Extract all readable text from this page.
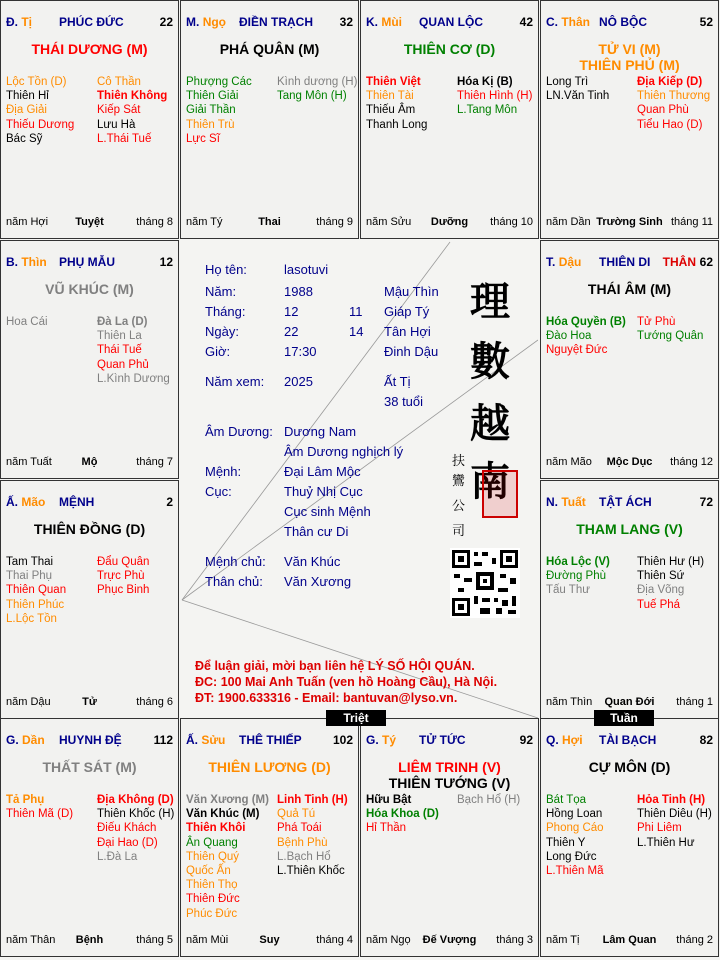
Đ. Tị PHÚC ĐỨC	22
THÁI DƯƠNG (M)
Lộc Tồn (D)
Thiên Hỉ
Địa Giải
Thiếu Dương
Bác Sỹ
Cô Thần
Thiên Không
Kiếp Sát
Lưu Hà
L.Thái Tuế
năm Hợi	Tuyệt	tháng 8
M. Ngọ ĐIỀN TRẠCH 32
PHÁ QUÂN (M)
Phượng Các
Thiên Giải
Giải Thần
Thiên Trù
Lực Sĩ
Kình dương (H)
Tang Môn (H)
năm Tý	Thai	tháng 9
K. Mùi QUAN LỘC	42
THIÊN CƠ (D)
Thiên Việt
Thiên Tài
Thiếu Âm
Thanh Long
Hóa Kị (B)
Thiên Hình (H)
L.Tang Môn
năm Sửu	Dưỡng	tháng 10
C. Thân NÔ BỘC	52
TỬ VI (M)
THIÊN PHỦ (M)
Long Trì
LN.Văn Tinh
Địa Kiếp (D)
Thiên Thương
Quan Phù
Tiểu Hao (D)
năm Dần Trường Sinh tháng 11
B. Thìn PHỤ MẪU	12
VŨ KHÚC (M)
Hoa Cái	Đà La (D)
Thiên La
Thái Tuế
Quan Phủ
L.Kình Dương
năm Tuất	Mộ	tháng 7
T. Dậu THIÊN DI THÂN 62
THÁI ÂM (M)
Hóa Quyền (B)
Đào Hoa
Nguyệt Đức
Tử Phù
Tướng Quân
năm Mão	Mộc Dục	tháng 12
Ấ. Mão MỆNH	2
THIÊN ĐỒNG (D)
Tam Thai
Thai Phụ
Thiên Quan
Thiên Phúc
L.Lộc Tồn
Đẩu Quân
Trực Phù
Phục Binh
năm Dậu	Tử	tháng 6
N. Tuất TẬT ÁCH	72
THAM LANG (V)
Hóa Lộc (V)
Đường Phù
Tấu Thư
Thiên Hư (H)
Thiên Sứ
Địa Võng
Tuế Phá
năm Thìn	Quan Đới	tháng 1
G. Dần HUYNH ĐỆ	112
THẤT SÁT (M)
Tả Phụ
Thiên Mã (D)
Địa Không (D)
Thiên Khốc (H)
Điếu Khách
Đại Hao (D)
L.Đà La
năm Thân	Bệnh	tháng 5
Ấ. Sửu THÊ THIẾP	102
THIÊN LƯƠNG (D)
Văn Xương (M)
Văn Khúc (M)
Thiên Khôi
Ân Quang
Thiên Quý
Quốc Ấn
Thiên Thọ
Thiên Đức
Phúc Đức
Linh Tinh (H)
Quả Tú
Phá Toái
Bệnh Phù
L.Bạch Hổ
L.Thiên Khốc
năm Mùi	Suy	tháng 4
G. Tý TỬ TỨC	92
LIÊM TRINH (V)
THIÊN TƯỚNG (V)
Hữu Bật
Hóa Khoa (D)
Hỉ Thần
Bạch Hổ (H)
năm Ngọ	Đế Vượng	tháng 3
Q. Hợi TÀI BẠCH	82
CỰ MÔN (D)
Bát Tọa
Hồng Loan
Phong Cáo
Thiên Y
Long Đức
L.Thiên Mã
Hỏa Tinh (H)
Thiên Diêu (H)
Phi Liêm
L.Thiên Hư
năm Tị	Lâm Quan	tháng 2
Họ tên:	lasotuvi
Năm:	1988	Mậu Thìn
Tháng:	12	11 Giáp Tý
Ngày:	22	14 Tân Hợi
Giờ:	17:30	Đinh Dậu
Năm xem: 2025	Ất Tị
38 tuổi
Âm Dương: Dương Nam
Âm Dương nghịch lý
Mệnh:	Đại Lâm Mộc
Cục:	Thuỷ Nhị Cục
Cục sinh Mệnh
Thân cư Di
Mệnh chủ: Văn Khúc
Thân chủ: Văn Xương
理
數
越
南
扶
鸞
公
司
Để luận giải, mời bạn liên hệ LÝ SỐ HỘI QUÁN.
ĐC: 100 Mai Anh Tuấn (ven hồ Hoàng Cầu), Hà Nội.
ĐT: 1900.633316 - Email: bantuvan@lyso.vn.
Triệt	Tuần
